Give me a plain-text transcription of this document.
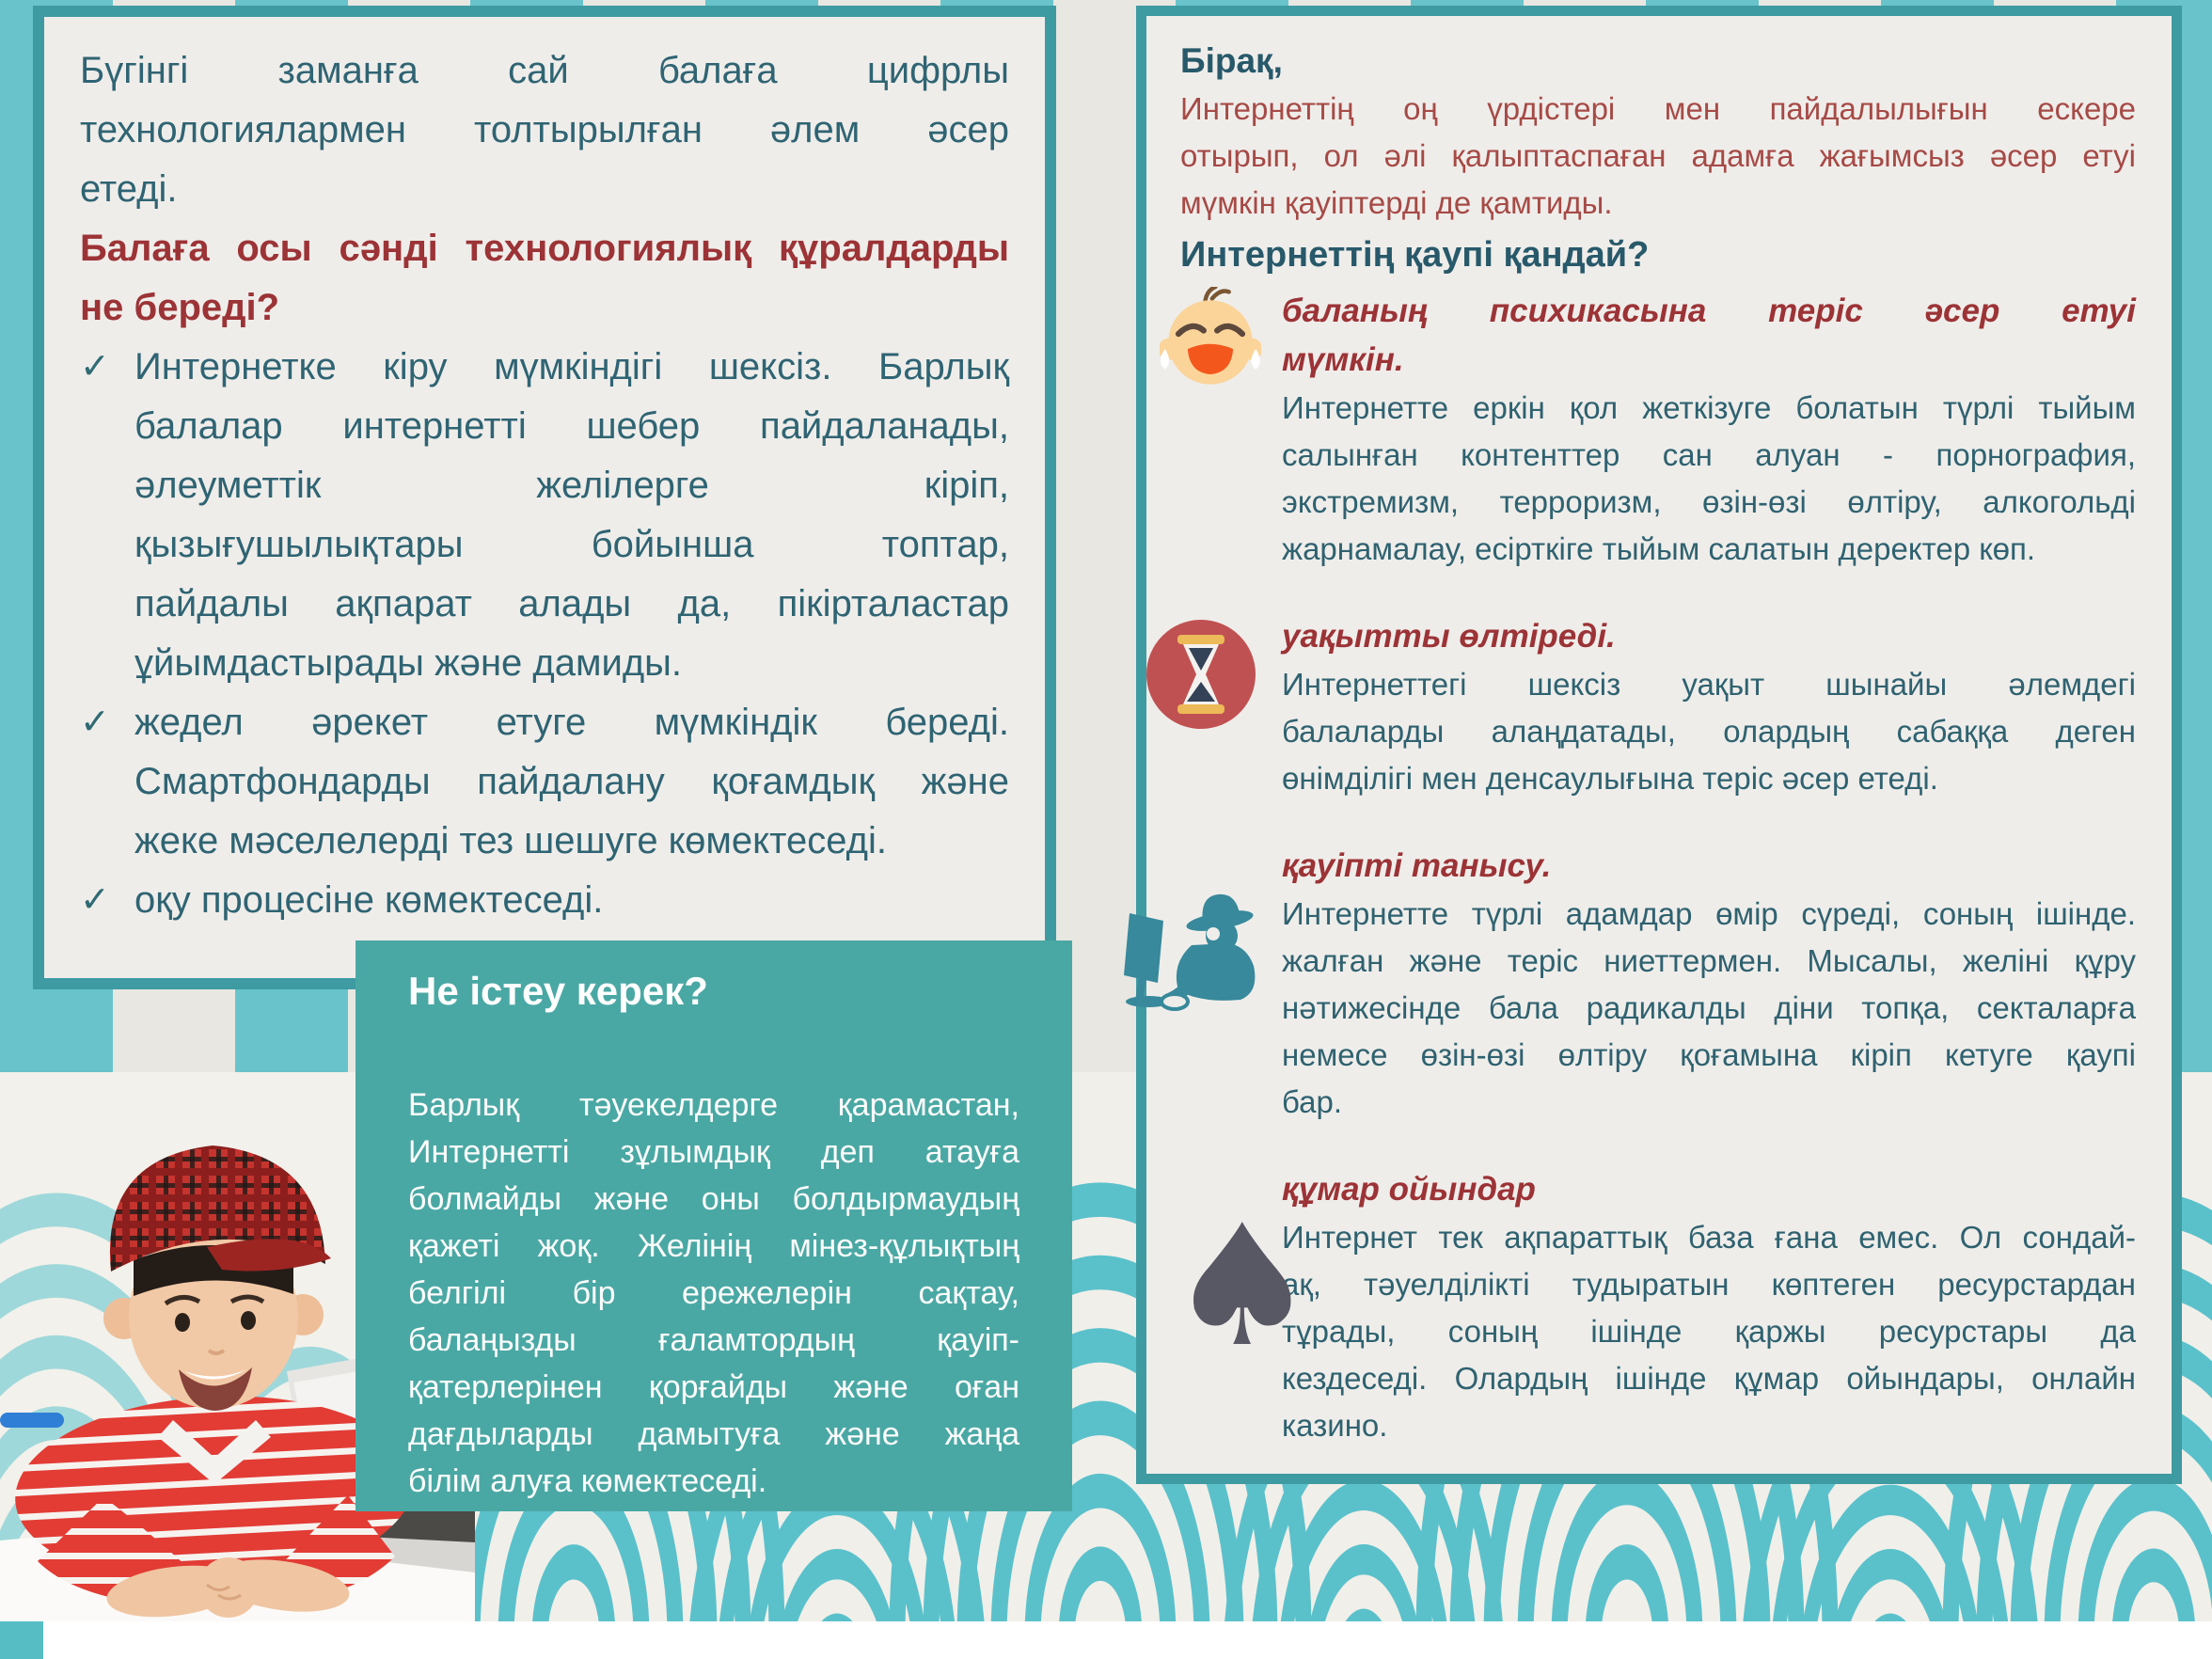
Бүгінгі заманға сай балаға цифрлы
технологиялармен толтырылған әлем әсер
етеді.
Балаға осы сәнді технологиялық құралдарды
не береді?
✓ Интернетке кіру мүмкіндігі шексіз. Барлық
балалар интернетті шебер пайдаланады,
әлеуметтік желілерге кіріп,
қызығушылықтары бойынша топтар,
пайдалы ақпарат алады да, пікірталастар
ұйымдастырады және дамиды.
✓ жедел әрекет етуге мүмкіндік береді.
Смартфондарды пайдалану қоғамдық және
жеке мәселелерді тез шешуге көмектеседі.
✓ оқу процесіне көмектеседі.
Не істеу керек?
Барлық тәуекелдерге қарамастан,
Интернетті зұлымдық деп атауға
болмайды және оны болдырмаудың
қажеті жоқ. Желінің мінез-құлықтың
белгілі бір ережелерін сақтау,
балаңызды ғаламтордың қауіп-
қатерлерінен қорғайды және оған
дағдыларды дамытуға және жаңа
білім алуға көмектеседі.
Бірақ,
Интернеттің оң үрдістері мен пайдалылығын ескере
отырып, ол әлі қалыптаспаған адамға жағымсыз әсер етуі
мүмкін қауіптерді де қамтиды.
Интернеттің қаупі қандай?
баланың психикасына теріс әсер етуі
мүмкін.
Интернетте еркін қол жеткізуге болатын түрлі тыйым
салынған контенттер сан алуан - порнография,
экстремизм, терроризм, өзін-өзі өлтіру, алкогольді
жарнамалау, есірткіге тыйым салатын деректер көп.
уақытты өлтіреді.
Интернеттегі шексіз уақыт шынайы әлемдегі
балаларды алаңдатады, олардың сабаққа деген
өнімділігі мен денсаулығына теріс әсер етеді.
қауіпті танысу.
Интернетте түрлі адамдар өмір сүреді, соның ішінде.
жалған және теріс ниеттермен. Мысалы, желіні құру
нәтижесінде бала радикалды діни топқа, секталарға
немесе өзін-өзі өлтіру қоғамына кіріп кетуге қаупі
бар.
♠
құмар ойындар
Интернет тек ақпараттық база ғана емес. Ол сондай-
ақ, тәуелділікті тудыратын көптеген ресурстардан
тұрады, соның ішінде қаржы ресурстары да
кездеседі. Олардың ішінде құмар ойындары, онлайн
казино.
